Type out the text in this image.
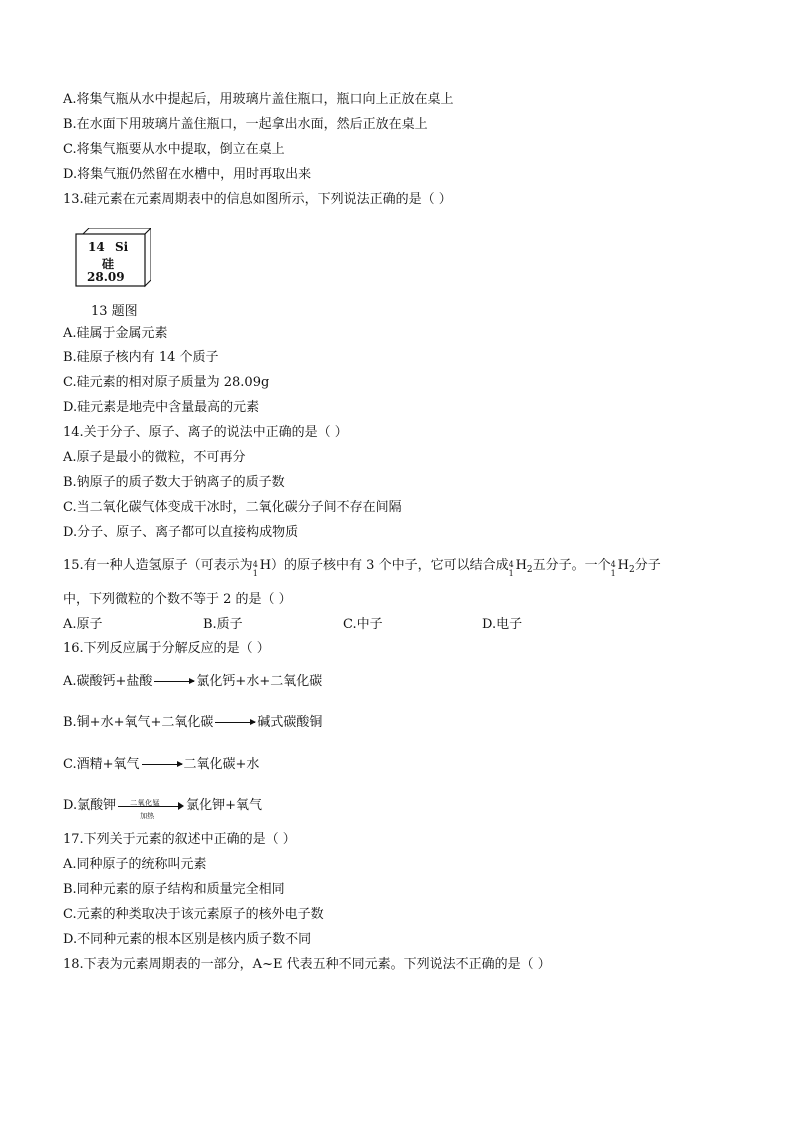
A.将集气瓶从水中提起后，用玻璃片盖住瓶口，瓶口向上正放在桌上
B.在水面下用玻璃片盖住瓶口，一起拿出水面，然后正放在桌上
C.将集气瓶要从水中提取，倒立在桌上
D.将集气瓶仍然留在水槽中，用时再取出来
13.硅元素在元素周期表中的信息如图所示，下列说法正确的是（ ）
14 Si
硅
28.09
13 题图
A.硅属于金属元素
B.硅原子核内有 14 个质子
C.硅元素的相对原子质量为 28.09g
D.硅元素是地壳中含量最高的元素
14.关于分子、原子、离子的说法中正确的是（ ）
A.原子是最小的微粒，不可再分
B.钠原子的质子数大于钠离子的质子数
C.当二氧化碳气体变成干冰时，二氧化碳分子间不存在间隔
D.分子、原子、离子都可以直接构成物质
15.有一种人造氢原子（可表示为 4
1
H）的原子核中有 3 个中子，它可以结合成 4
1
$H_2$五分子。一个 4
1
$H_2$分子
中，下列微粒的个数不等于 2 的是（ ）
A.原子	B.质子	C.中子	D.电子
16.下列反应属于分解反应的是（ ）
A.碳酸钙+盐酸 → 氯化钙+水+二氧化碳
B.铜+水+氧气+二氧化碳 → 碱式碳酸铜
C.酒精+氧气 → 二氧化碳+水
D.氯酸钾 二氧化锰
加热
氯化钾+氧气
17.下列关于元素的叙述中正确的是（ ）
A.同种原子的统称叫元素
B.同种元素的原子结构和质量完全相同
C.元素的种类取决于该元素原子的核外电子数
D.不同种元素的根本区别是核内质子数不同
18.下表为元素周期表的一部分，A~E 代表五种不同元素。下列说法不正确的是（ ）
